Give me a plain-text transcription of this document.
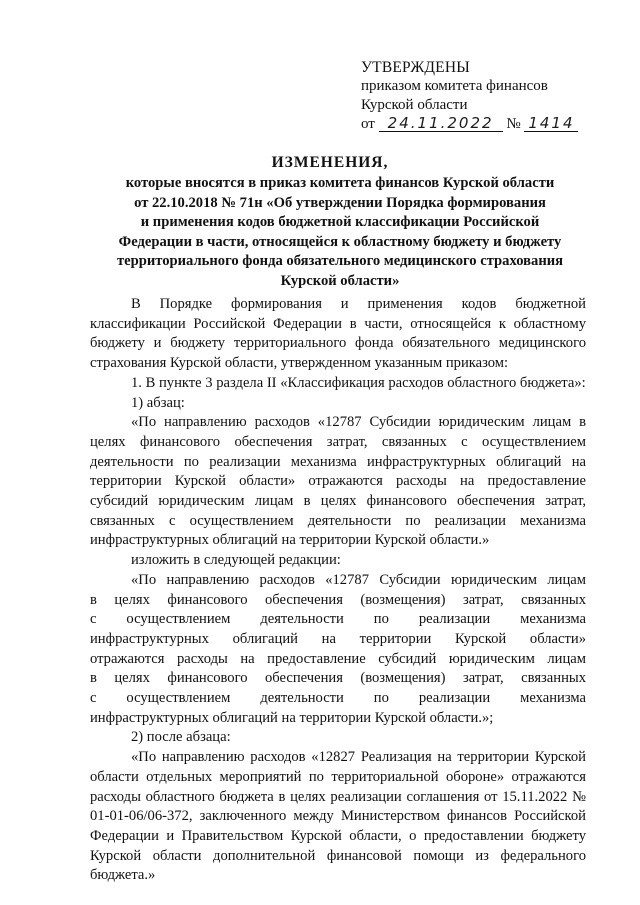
УТВЕРЖДЕНЫ
приказом комитета финансов
Курской области
от 24.11.2022 № 1414
ИЗМЕНЕНИЯ,
которые вносятся в приказ комитета финансов Курской области
от 22.10.2018 № 71н «Об утверждении Порядка формирования
и применения кодов бюджетной классификации Российской
Федерации в части, относящейся к областному бюджету и бюджету
территориального фонда обязательного медицинского страхования
Курской области»

В Порядке формирования и применения кодов бюджетной классификации Российской Федерации в части, относящейся к областному бюджету и бюджету территориального фонда обязательного медицинского страхования Курской области, утвержденном указанным приказом:

1. В пункте 3 раздела II «Классификация расходов областного бюджета»:

1) абзац:

«По направлению расходов «12787 Субсидии юридическим лицам в целях финансового обеспечения затрат, связанных с осуществлением деятельности по реализации механизма инфраструктурных облигаций на территории Курской области» отражаются расходы на предоставление субсидий юридическим лицам в целях финансового обеспечения затрат, связанных с осуществлением деятельности по реализации механизма инфраструктурных облигаций на территории Курской области.»

изложить в следующей редакции:

«По направлению расходов «12787 Субсидии юридическим лицам
в целях финансового обеспечения (возмещения) затрат, связанных
с осуществлением деятельности по реализации механизма
инфраструктурных облигаций на территории Курской области»
отражаются расходы на предоставление субсидий юридическим лицам
в целях финансового обеспечения (возмещения) затрат, связанных
с осуществлением деятельности по реализации механизма
инфраструктурных облигаций на территории Курской области.»;

2) после абзаца:

«По направлению расходов «12827 Реализация на территории Курской области отдельных мероприятий по территориальной обороне» отражаются расходы областного бюджета в целях реализации соглашения от 15.11.2022 № 01-01-06/06-372, заключенного между Министерством финансов Российской Федерации и Правительством Курской области, о предоставлении бюджету Курской области дополнительной финансовой помощи из федерального бюджета.»
